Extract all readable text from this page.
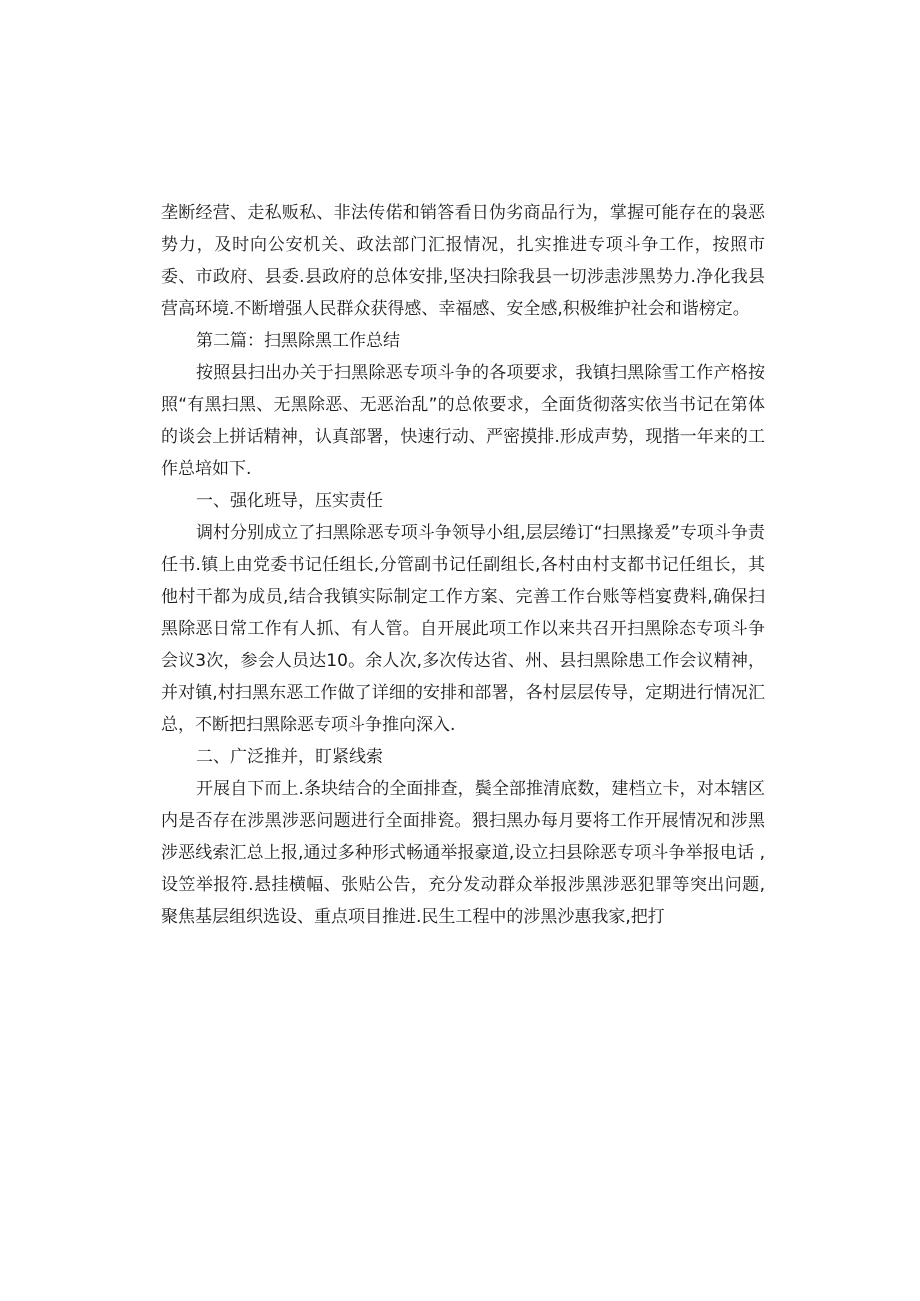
垄断经营、走私贩私、非法传偌和销答看日伪劣商品行为，掌握可能存在的袅恶势力，及时向公安机关、政法部门汇报情况，扎实推进专项斗争工作，按照市委、市政府、县委.县政府的总体安排,坚决扫除我县一切涉恚涉黑势力.净化我县营高环境.不断增强人民群众获得感、幸福感、安全感,积极维护社会和谐榜定。

第二篇：扫黑除黑工作总结

按照县扫出办关于扫黑除恶专项斗争的各项要求，我镇扫黑除雪工作产格按照“有黑扫黑、无黑除恶、无恶治乱”的总侬要求，全面货彻落实依当书记在第体的谈会上拼话精神，认真部署，快速行动、严密摸排.形成声势，现揩一年来的工作总培如下.

一、强化班导，压实责任

调村分别成立了扫黑除恶专项斗争领导小组,层层绻订“扫黑掾爰”专项斗争责任书.镇上由党委书记任组长,分管副书记任副组长,各村由村支都书记任组长，其他村干都为成员,结合我镇实际制定工作方案、完善工作台账等档宴费料,确保扫黑除恶日常工作有人抓、有人管。自开展此项工作以来共召开扫黑除态专项斗争会议3次，参会人员达10。余人次,多次传达省、州、县扫黑除患工作会议精神，并对镇,村扫黑东恶工作做了详细的安排和部署，各村层层传导，定期进行情况汇总，不断把扫黑除恶专项斗争推向深入.

二、广泛推并，盯紧线索

开展自下而上.条块结合的全面排查，鬓全部推清底数，建档立卡，对本辖区内是否存在涉黑涉恶问题进行全面排瓷。猥扫黑办每月要将工作开展情况和涉黑涉恶线索汇总上报,通过多种形式畅通举报豪道,设立扫县除恶专项斗争举报电话 ,设笠举报符.悬挂横幅、张贴公告，充分发动群众举报涉黑涉恶犯罪等突出问题,聚焦基层组织选设、重点项目推进.民生工程中的涉黑沙惠我家,把打
